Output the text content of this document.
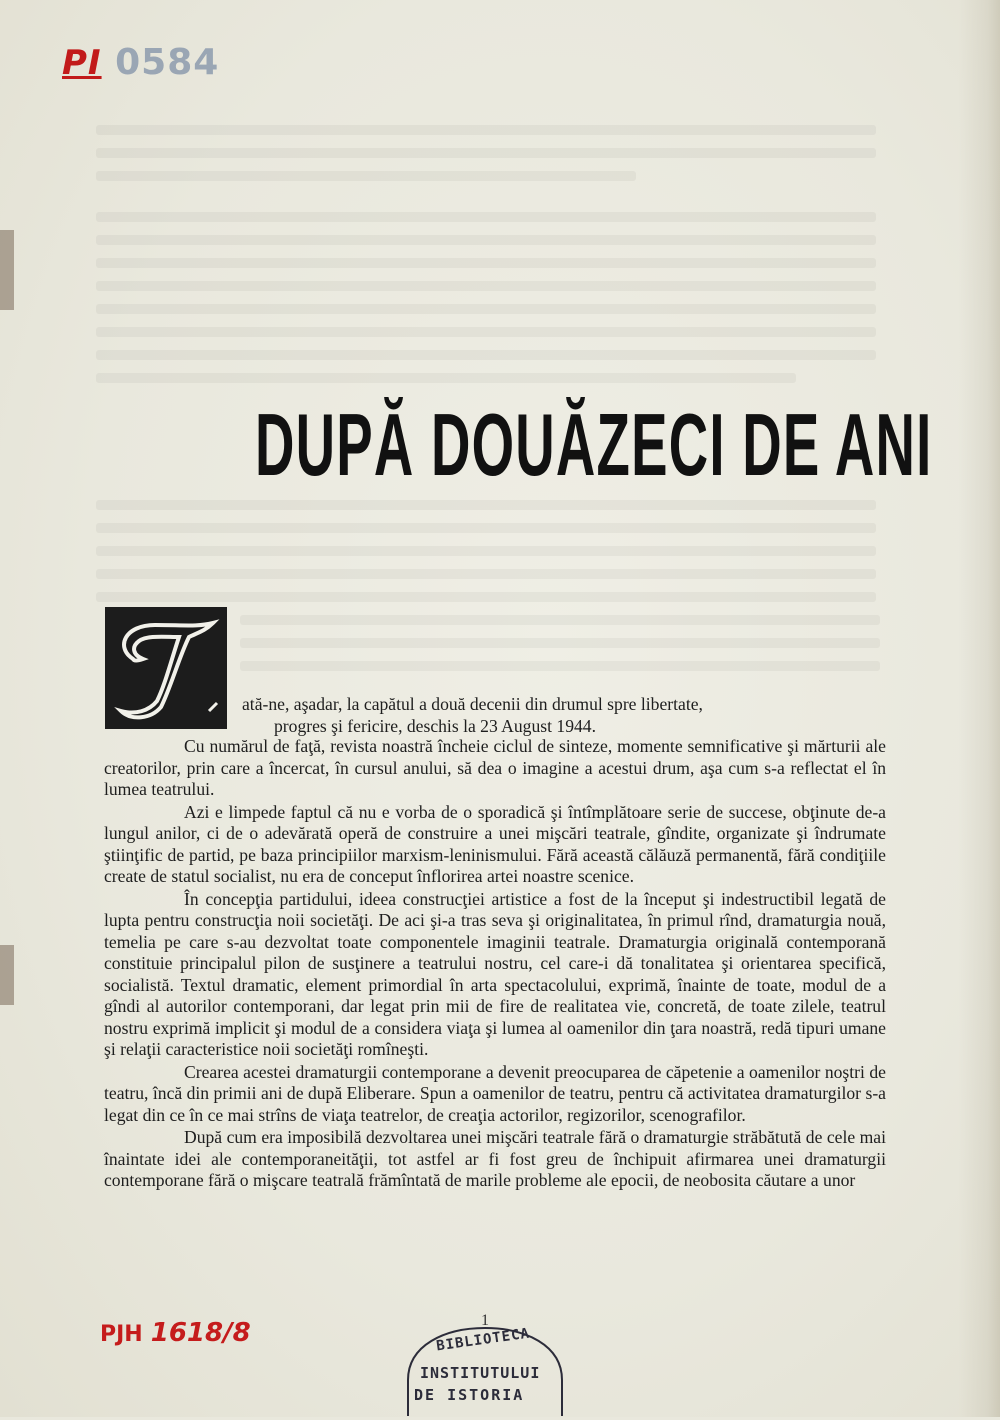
PI 0584
DUPĂ DOUĂZECI DE ANI

ată-ne, aşadar, la capătul a două decenii din drumul spre libertate,

progres şi fericire, deschis la 23 August 1944.

Cu numărul de faţă, revista noastră încheie ciclul de sinteze, momente semnificative şi mărturii ale creatorilor, prin care a încercat, în cursul anului, să dea o imagine a acestui drum, aşa cum s-a reflectat el în lumea teatrului.

Azi e limpede faptul că nu e vorba de o sporadică şi întîmplătoare serie de succese, obţinute de-a lungul anilor, ci de o adevărată operă de construire a unei mişcări teatrale, gîndite, organizate şi îndrumate ştiinţific de partid, pe baza principiilor marxism-leninismului. Fără această călăuză permanentă, fără condiţiile create de statul socialist, nu era de conceput înflorirea artei noastre scenice.

În concepţia partidului, ideea construcţiei artistice a fost de la început şi indestructibil legată de lupta pentru construcţia noii societăţi. De aci şi-a tras seva şi originalitatea, în primul rînd, dramaturgia nouă, temelia pe care s-au dezvoltat toate componentele imaginii teatrale. Dramaturgia originală contemporană constituie principalul pilon de susţinere a teatrului nostru, cel care-i dă tonalitatea şi orientarea specifică, socialistă. Textul dramatic, element primordial în arta spectacolului, exprimă, înainte de toate, modul de a gîndi al autorilor contemporani, dar legat prin mii de fire de realitatea vie, concretă, de toate zilele, teatrul nostru exprimă implicit şi modul de a considera viaţa şi lumea al oamenilor din ţara noastră, redă tipuri umane şi relaţii caracteristice noii societăţi romîneşti.

Crearea acestei dramaturgii contemporane a devenit preocuparea de căpetenie a oamenilor noştri de teatru, încă din primii ani de după Eliberare. Spun a oamenilor de teatru, pentru că activitatea dramaturgilor s-a legat din ce în ce mai strîns de viaţa teatrelor, de creaţia actorilor, regizorilor, scenografilor.

După cum era imposibilă dezvoltarea unei mişcări teatrale fără o dramaturgie străbătută de cele mai înaintate idei ale contemporaneităţii, tot astfel ar fi fost greu de închipuit afirmarea unei dramaturgii contemporane fără o mişcare teatrală frămîntată de marile probleme ale epocii, de neobosita căutare a unor

PJH 1618/8	1
BIBLIOTECA
INSTITUTULUI
DE ISTORIA
